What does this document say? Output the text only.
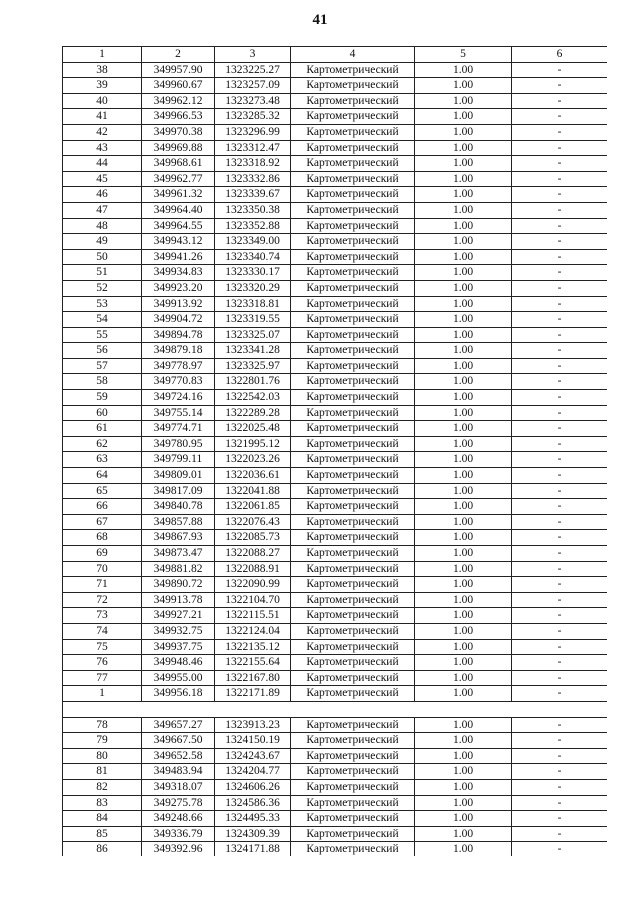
41
1	2	3	4	5	6
38	349957.90	1323225.27	Картометрический	1.00	-
39	349960.67	1323257.09	Картометрический	1.00	-
40	349962.12	1323273.48	Картометрический	1.00	-
41	349966.53	1323285.32	Картометрический	1.00	-
42	349970.38	1323296.99	Картометрический	1.00	-
43	349969.88	1323312.47	Картометрический	1.00	-
44	349968.61	1323318.92	Картометрический	1.00	-
45	349962.77	1323332.86	Картометрический	1.00	-
46	349961.32	1323339.67	Картометрический	1.00	-
47	349964.40	1323350.38	Картометрический	1.00	-
48	349964.55	1323352.88	Картометрический	1.00	-
49	349943.12	1323349.00	Картометрический	1.00	-
50	349941.26	1323340.74	Картометрический	1.00	-
51	349934.83	1323330.17	Картометрический	1.00	-
52	349923.20	1323320.29	Картометрический	1.00	-
53	349913.92	1323318.81	Картометрический	1.00	-
54	349904.72	1323319.55	Картометрический	1.00	-
55	349894.78	1323325.07	Картометрический	1.00	-
56	349879.18	1323341.28	Картометрический	1.00	-
57	349778.97	1323325.97	Картометрический	1.00	-
58	349770.83	1322801.76	Картометрический	1.00	-
59	349724.16	1322542.03	Картометрический	1.00	-
60	349755.14	1322289.28	Картометрический	1.00	-
61	349774.71	1322025.48	Картометрический	1.00	-
62	349780.95	1321995.12	Картометрический	1.00	-
63	349799.11	1322023.26	Картометрический	1.00	-
64	349809.01	1322036.61	Картометрический	1.00	-
65	349817.09	1322041.88	Картометрический	1.00	-
66	349840.78	1322061.85	Картометрический	1.00	-
67	349857.88	1322076.43	Картометрический	1.00	-
68	349867.93	1322085.73	Картометрический	1.00	-
69	349873.47	1322088.27	Картометрический	1.00	-
70	349881.82	1322088.91	Картометрический	1.00	-
71	349890.72	1322090.99	Картометрический	1.00	-
72	349913.78	1322104.70	Картометрический	1.00	-
73	349927.21	1322115.51	Картометрический	1.00	-
74	349932.75	1322124.04	Картометрический	1.00	-
75	349937.75	1322135.12	Картометрический	1.00	-
76	349948.46	1322155.64	Картометрический	1.00	-
77	349955.00	1322167.80	Картометрический	1.00	-
1	349956.18	1322171.89	Картометрический	1.00	-

78	349657.27	1323913.23	Картометрический	1.00	-
79	349667.50	1324150.19	Картометрический	1.00	-
80	349652.58	1324243.67	Картометрический	1.00	-
81	349483.94	1324204.77	Картометрический	1.00	-
82	349318.07	1324606.26	Картометрический	1.00	-
83	349275.78	1324586.36	Картометрический	1.00	-
84	349248.66	1324495.33	Картометрический	1.00	-
85	349336.79	1324309.39	Картометрический	1.00	-
86	349392.96	1324171.88	Картометрический	1.00	-
